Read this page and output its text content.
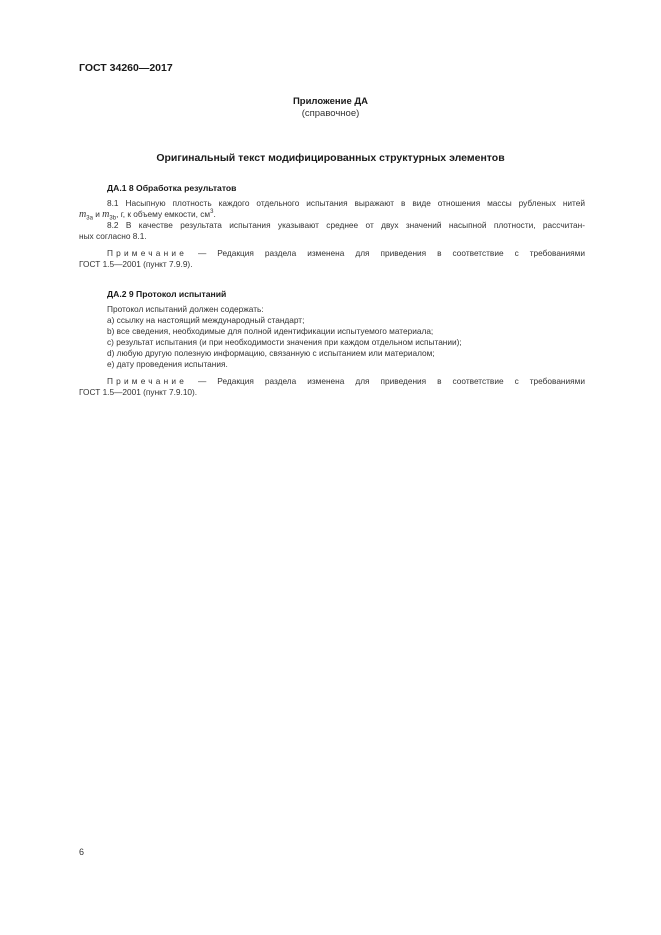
ГОСТ 34260—2017
Приложение ДА
(справочное)
Оригинальный текст модифицированных структурных элементов
ДА.1 8 Обработка результатов
8.1 Насыпную плотность каждого отдельного испытания выражают в виде отношения массы рубленых нитей
$m_{3a}$ и $m_{3b}$, г, к объему емкости, $см^3$.
8.2 В качестве результата испытания указывают среднее от двух значений насыпной плотности, рассчитан-
ных согласно 8.1.
Примечание — Редакция раздела изменена для приведения в соответствие с требованиями
ГОСТ 1.5—2001 (пункт 7.9.9).
ДА.2 9 Протокол испытаний
Протокол испытаний должен содержать:
a) ссылку на настоящий международный стандарт;
b) все сведения, необходимые для полной идентификации испытуемого материала;
c) результат испытания (и при необходимости значения при каждом отдельном испытании);
d) любую другую полезную информацию, связанную с испытанием или материалом;
e) дату проведения испытания.
Примечание — Редакция раздела изменена для приведения в соответствие с требованиями
ГОСТ 1.5—2001 (пункт 7.9.10).
6
